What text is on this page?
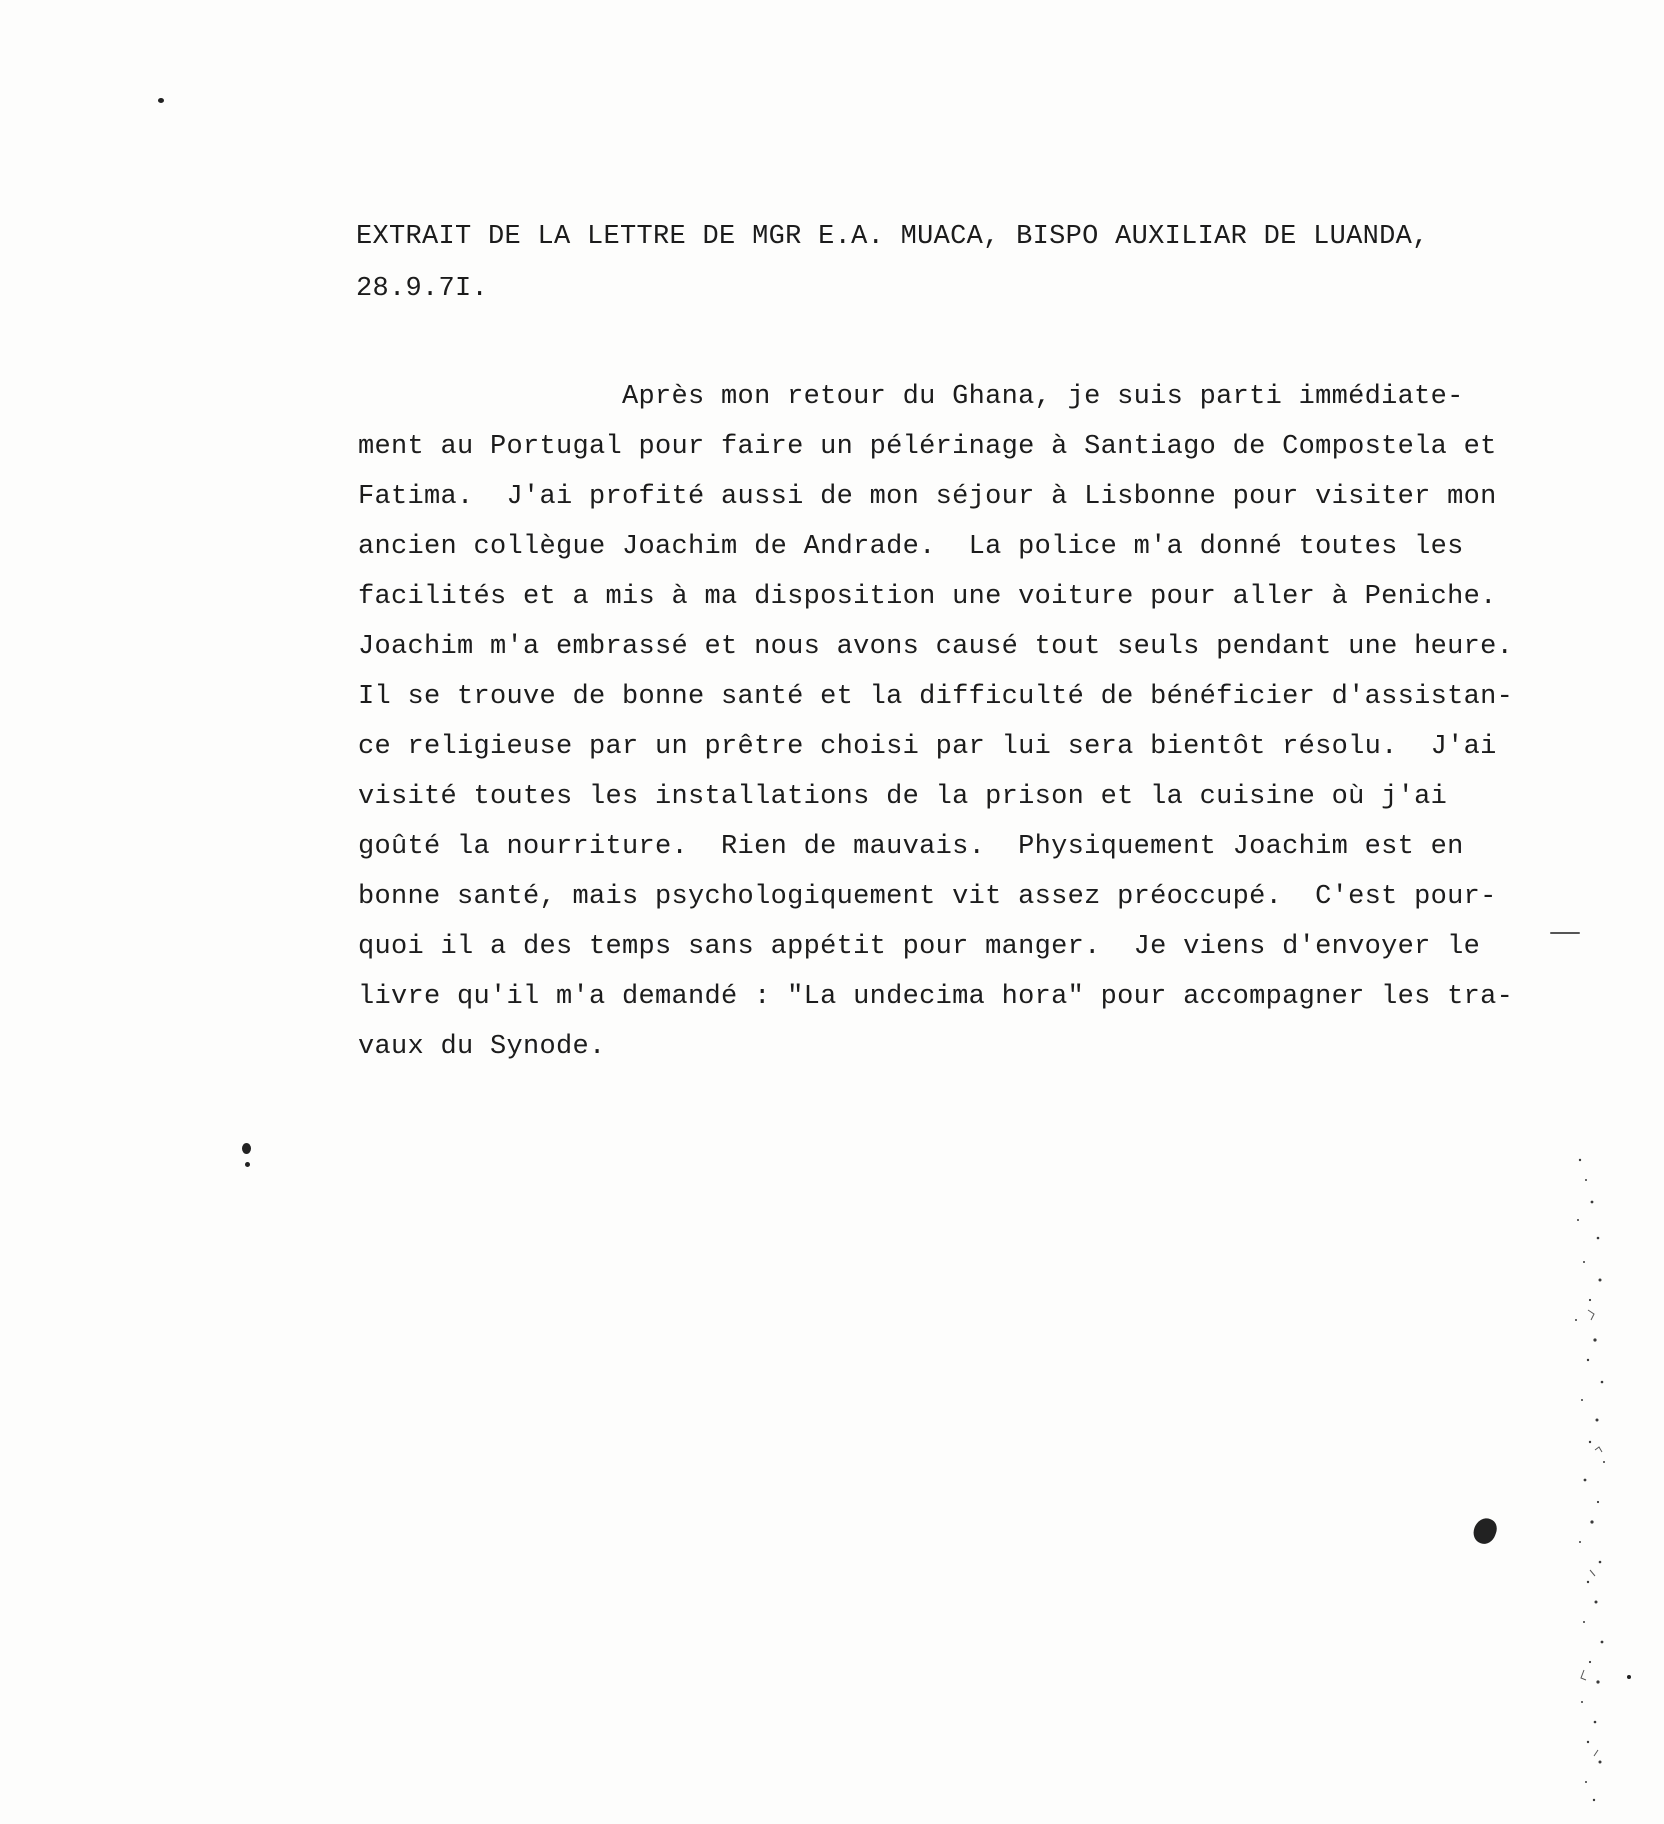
EXTRAIT DE LA LETTRE DE MGR E.A. MUACA, BISPO AUXILIAR DE LUANDA,
28.9.7I.
Après mon retour du Ghana, je suis parti immédiate-
ment au Portugal pour faire un pélérinage à Santiago de Compostela et
Fatima.  J'ai profité aussi de mon séjour à Lisbonne pour visiter mon
ancien collègue Joachim de Andrade.  La police m'a donné toutes les
facilités et a mis à ma disposition une voiture pour aller à Peniche.
Joachim m'a embrassé et nous avons causé tout seuls pendant une heure.
Il se trouve de bonne santé et la difficulté de bénéficier d'assistan-
ce religieuse par un prêtre choisi par lui sera bientôt résolu.  J'ai
visité toutes les installations de la prison et la cuisine où j'ai
goûté la nourriture.  Rien de mauvais.  Physiquement Joachim est en
bonne santé, mais psychologiquement vit assez préoccupé.  C'est pour-
quoi il a des temps sans appétit pour manger.  Je viens d'envoyer le
livre qu'il m'a demandé : "La undecima hora" pour accompagner les tra-
vaux du Synode.
